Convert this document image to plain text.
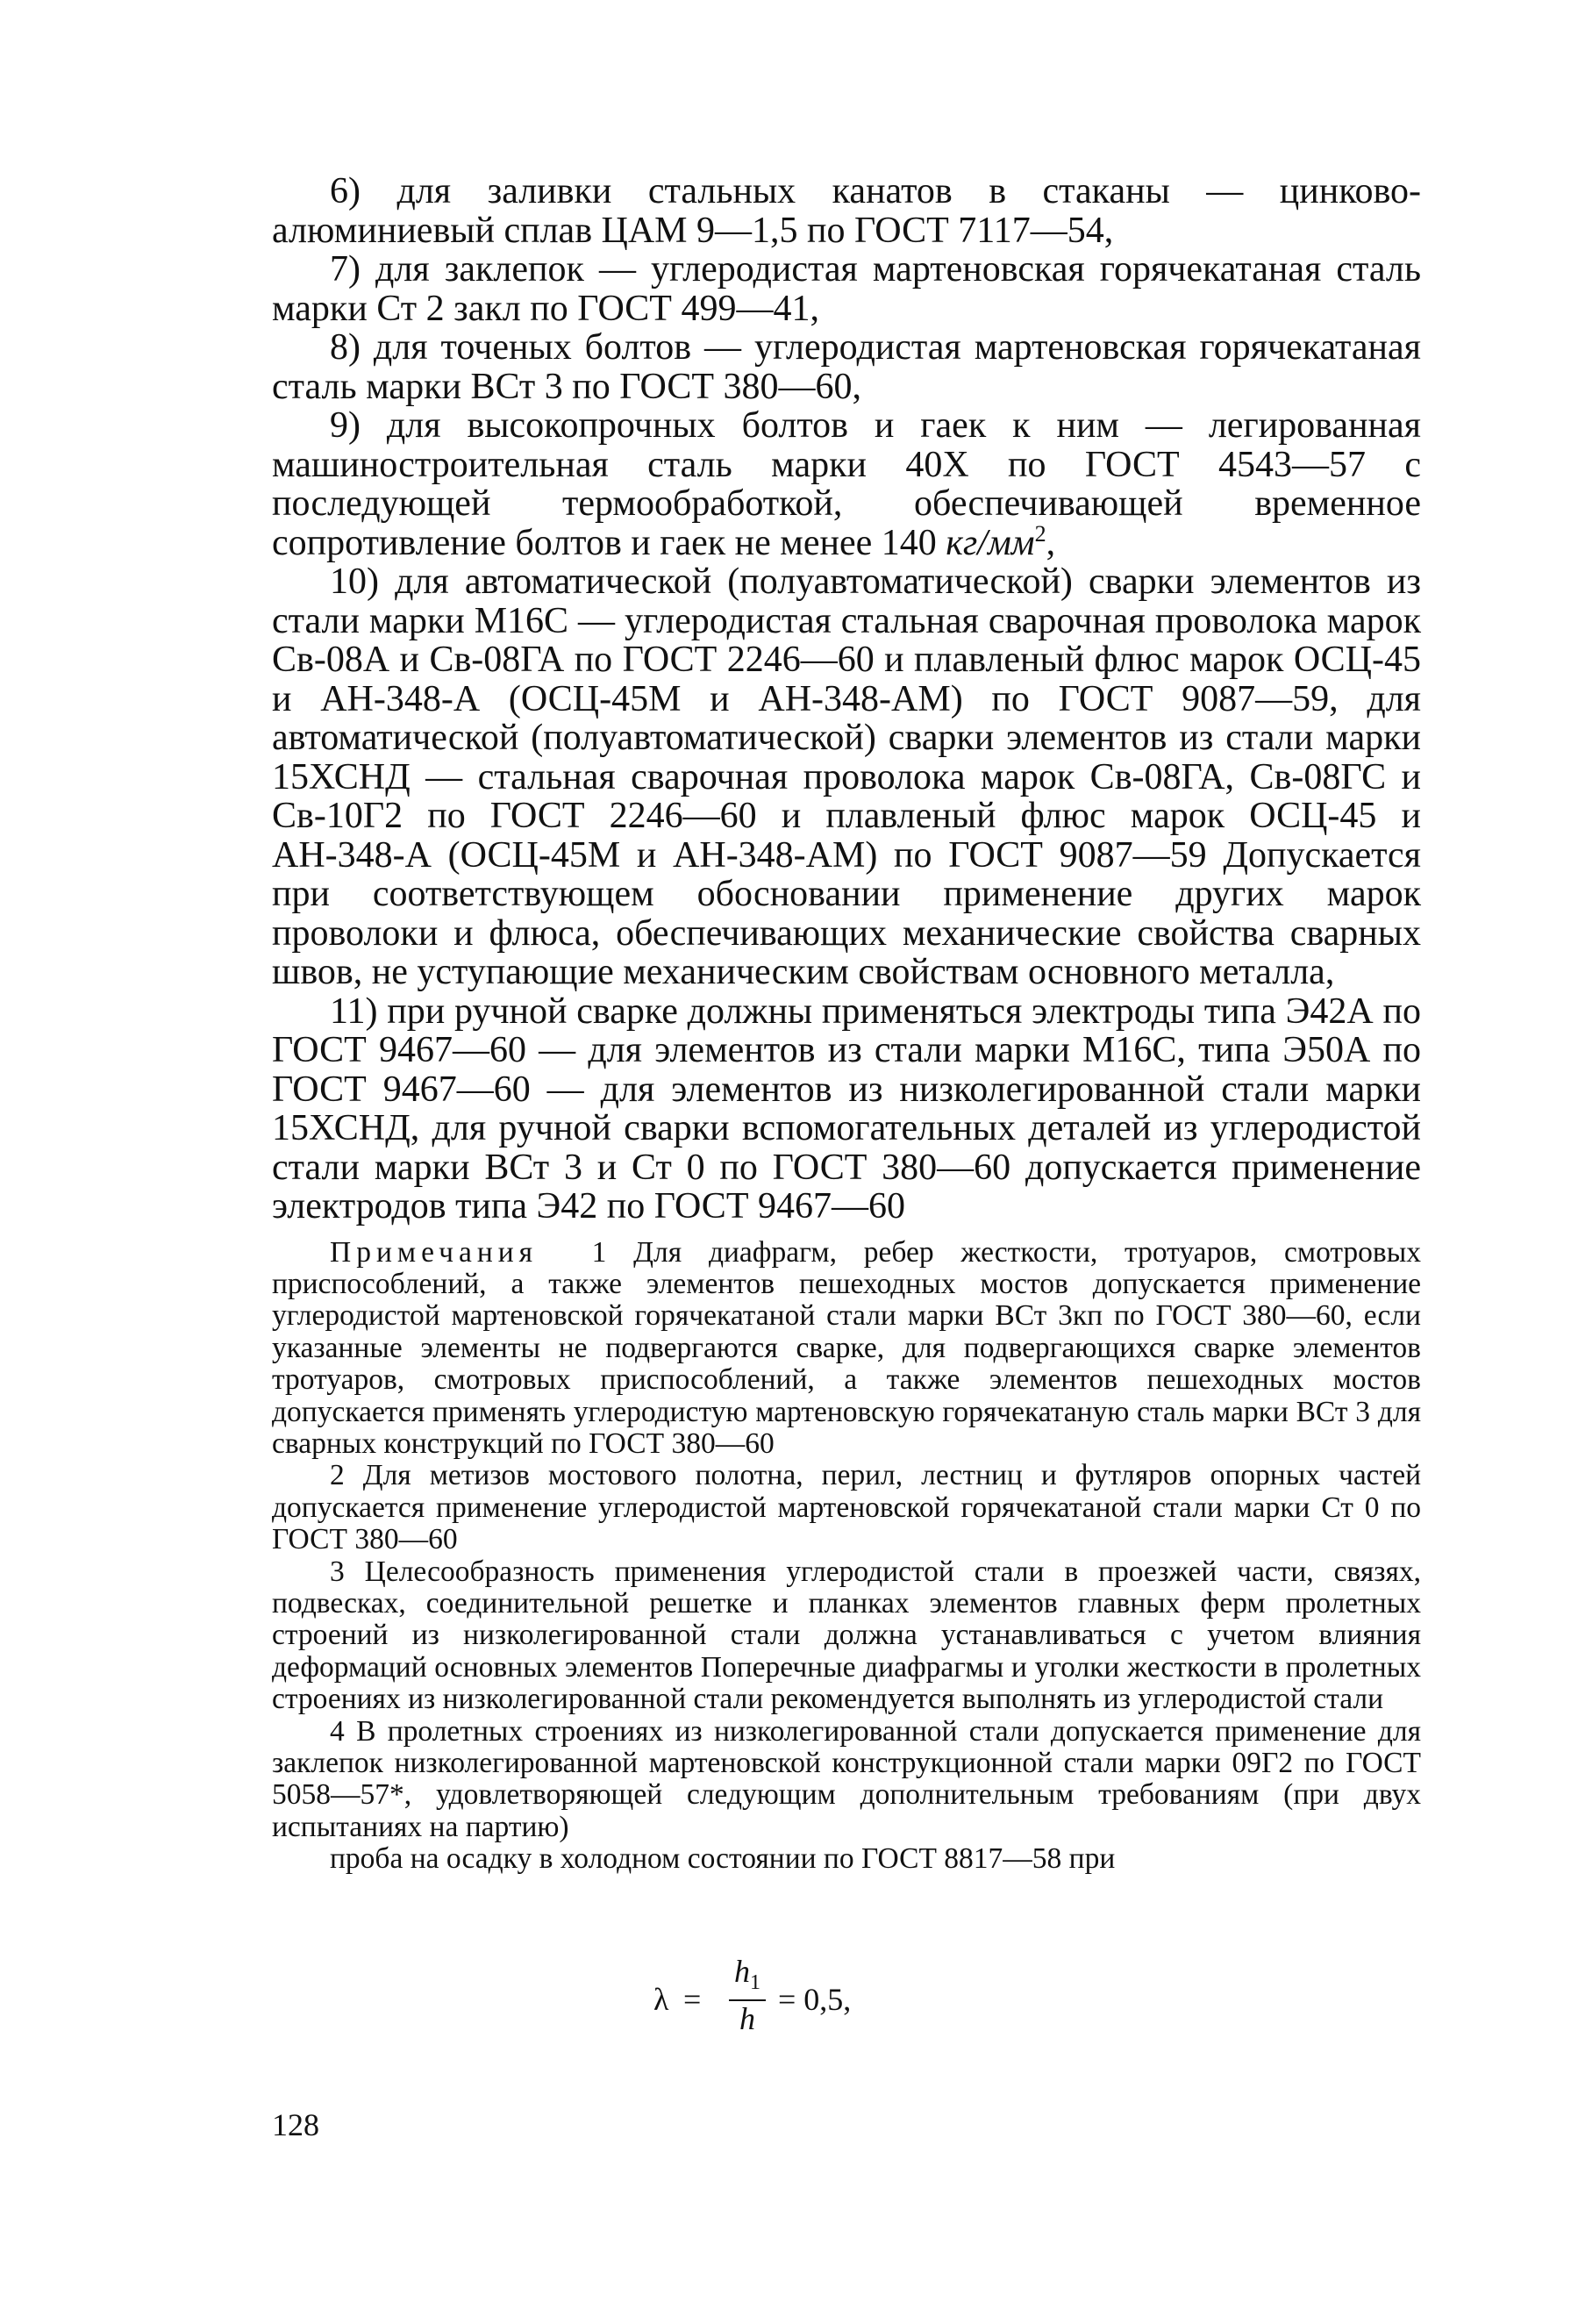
6) для заливки стальных канатов в стаканы — цинково-алюминиевый сплав ЦАМ 9—1,5 по ГОСТ 7117—54,

7) для заклепок — углеродистая мартеновская горячекатаная сталь марки Ст 2 закл по ГОСТ 499—41,

8) для точеных болтов — углеродистая мартеновская горячекатаная сталь марки ВСт 3 по ГОСТ 380—60,

9) для высокопрочных болтов и гаек к ним — легированная машиностроительная сталь марки 40Х по ГОСТ 4543—57 с последующей термообработкой, обеспечивающей временное сопротивление болтов и гаек не менее 140 $кг/мм^2$,

10) для автоматической (полуавтоматической) сварки элементов из стали марки М16С — углеродистая стальная сварочная проволока марок Св-08А и Св-08ГА по ГОСТ 2246—60 и плавленый флюс марок ОСЦ-45 и АН-348-А (ОСЦ-45М и АН-348-АМ) по ГОСТ 9087—59, для автоматической (полуавтоматической) сварки элементов из стали марки 15ХСНД — стальная сварочная проволока марок Св-08ГА, Св-08ГС и Св-10Г2 по ГОСТ 2246—60 и плавленый флюс марок ОСЦ-45 и АН-348-А (ОСЦ-45М и АН-348-АМ) по ГОСТ 9087—59 Допускается при соответствующем обосновании применение других марок проволоки и флюса, обеспечивающих механические свойства сварных швов, не уступающие механическим свойствам основного металла,

11) при ручной сварке должны применяться электроды типа Э42А по ГОСТ 9467—60 — для элементов из стали марки М16С, типа Э50А по ГОСТ 9467—60 — для элементов из низколегированной стали марки 15ХСНД, для ручной сварки вспомогательных деталей из углеродистой стали марки ВСт 3 и Ст 0 по ГОСТ 380—60 допускается применение электродов типа Э42 по ГОСТ 9467—60

Примечания 1 Для диафрагм, ребер жесткости, тротуаров, смотровых приспособлений, а также элементов пешеходных мостов допускается применение углеродистой мартеновской горячекатаной стали марки ВСт 3кп по ГОСТ 380—60, если указанные элементы не подвергаются сварке, для подвергающихся сварке элементов тротуаров, смотровых приспособлений, а также элементов пешеходных мостов допускается применять углеродистую мартеновскую горячекатаную сталь марки ВСт 3 для сварных конструкций по ГОСТ 380—60

2 Для метизов мостового полотна, перил, лестниц и футляров опорных частей допускается применение углеродистой мартеновской горячекатаной стали марки Ст 0 по ГОСТ 380—60

3 Целесообразность применения углеродистой стали в проезжей части, связях, подвесках, соединительной решетке и планках элементов главных ферм пролетных строений из низколегированной стали должна устанавливаться с учетом влияния деформаций основных элементов Поперечные диафрагмы и уголки жесткости в пролетных строениях из низколегированной стали рекомендуется выполнять из углеродистой стали

4 В пролетных строениях из низколегированной стали допускается применение для заклепок низколегированной мартеновской конструкционной стали марки 09Г2 по ГОСТ 5058—57*, удовлетворяющей следующим дополнительным требованиям (при двух испытаниях на партию)

проба на осадку в холодном состоянии по ГОСТ 8817—58 при

λ =
$h_1$
h
= 0,5,
128
